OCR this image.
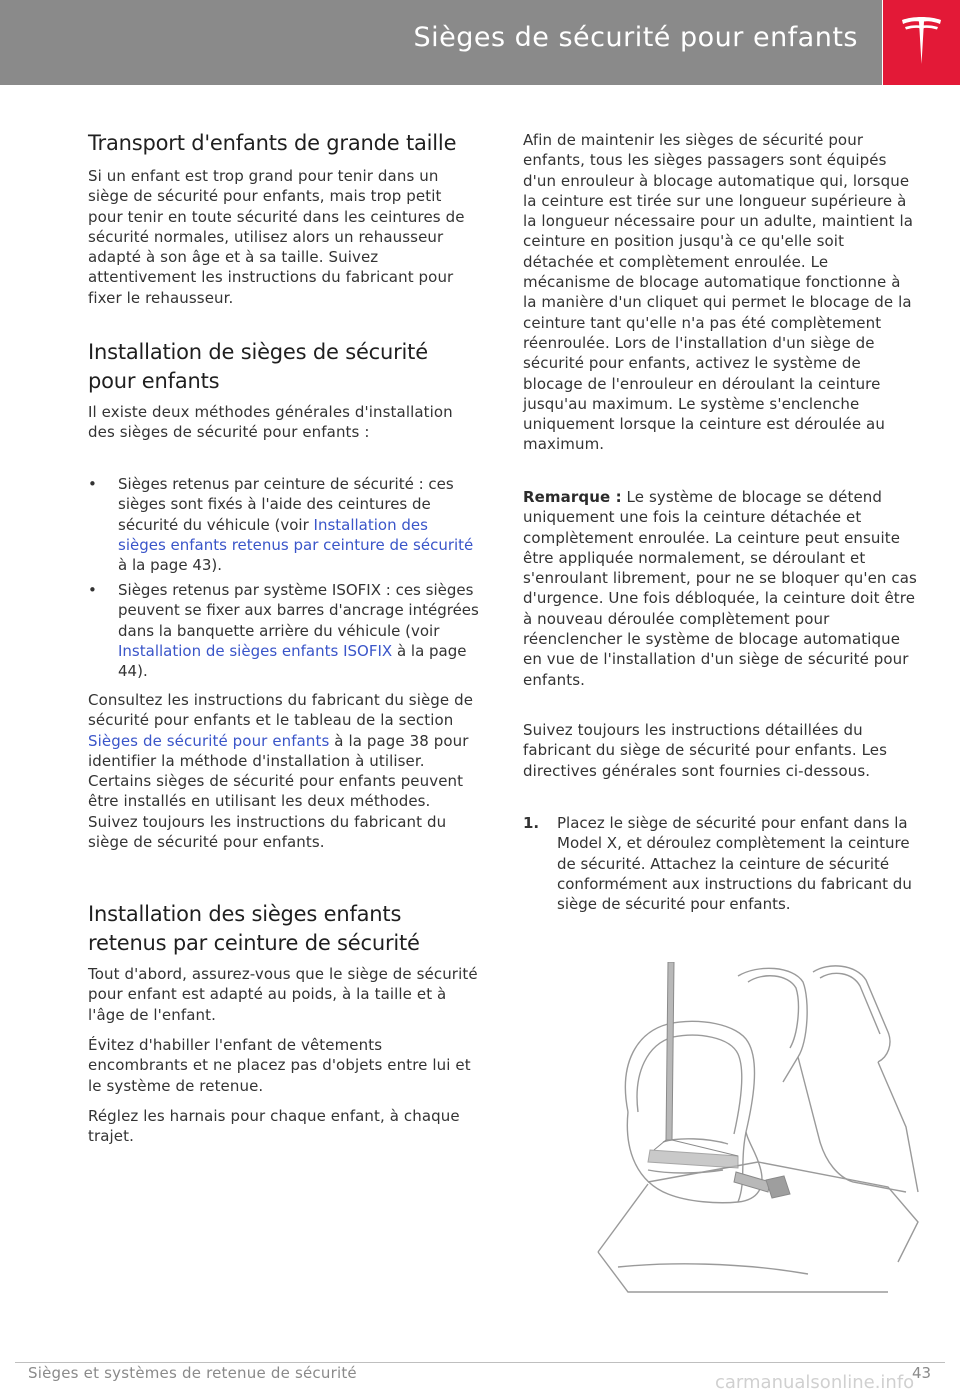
Sièges de sécurité pour enfants
Transport d'enfants de grande taille

Si un enfant est trop grand pour tenir dans un siège de sécurité pour enfants, mais trop petit pour tenir en toute sécurité dans les ceintures de sécurité normales, utilisez alors un rehausseur adapté à son âge et à sa taille. Suivez attentivement les instructions du fabricant pour fixer le rehausseur.

Installation de sièges de sécurité pour enfants

Il existe deux méthodes générales d'installation des sièges de sécurité pour enfants :

• Sièges retenus par ceinture de sécurité : ces sièges sont fixés à l'aide des ceintures de sécurité du véhicule (voir Installation des sièges enfants retenus par ceinture de sécurité à la page 43).
• Sièges retenus par système ISOFIX : ces sièges peuvent se fixer aux barres d'ancrage intégrées dans la banquette arrière du véhicule (voir Installation de sièges enfants ISOFIX à la page 44).

Consultez les instructions du fabricant du siège de sécurité pour enfants et le tableau de la section Sièges de sécurité pour enfants à la page 38 pour identifier la méthode d'installation à utiliser. Certains sièges de sécurité pour enfants peuvent être installés en utilisant les deux méthodes. Suivez toujours les instructions du fabricant du siège de sécurité pour enfants.

Installation des sièges enfants retenus par ceinture de sécurité

Tout d'abord, assurez-vous que le siège de sécurité pour enfant est adapté au poids, à la taille et à l'âge de l'enfant.

Évitez d'habiller l'enfant de vêtements encombrants et ne placez pas d'objets entre lui et le système de retenue.

Réglez les harnais pour chaque enfant, à chaque trajet.

Afin de maintenir les sièges de sécurité pour enfants, tous les sièges passagers sont équipés d'un enrouleur à blocage automatique qui, lorsque la ceinture est tirée sur une longueur supérieure à la longueur nécessaire pour un adulte, maintient la ceinture en position jusqu'à ce qu'elle soit détachée et complètement enroulée. Le mécanisme de blocage automatique fonctionne à la manière d'un cliquet qui permet le blocage de la ceinture tant qu'elle n'a pas été complètement réenroulée. Lors de l'installation d'un siège de sécurité pour enfants, activez le système de blocage de l'enrouleur en déroulant la ceinture jusqu'au maximum. Le système s'enclenche uniquement lorsque la ceinture est déroulée au maximum.

Remarque : Le système de blocage se détend uniquement une fois la ceinture détachée et complètement enroulée. La ceinture peut ensuite être appliquée normalement, se déroulant et s'enroulant librement, pour ne se bloquer qu'en cas d'urgence. Une fois débloquée, la ceinture doit être à nouveau déroulée complètement pour réenclencher le système de blocage automatique en vue de l'installation d'un siège de sécurité pour enfants.

Suivez toujours les instructions détaillées du fabricant du siège de sécurité pour enfants. Les directives générales sont fournies ci-dessous.

1. Placez le siège de sécurité pour enfant dans la Model X, et déroulez complètement la ceinture de sécurité. Attachez la ceinture de sécurité conformément aux instructions du fabricant du siège de sécurité pour enfants.
Sièges et systèmes de retenue de sécurité	43
carmanualsonline.info
